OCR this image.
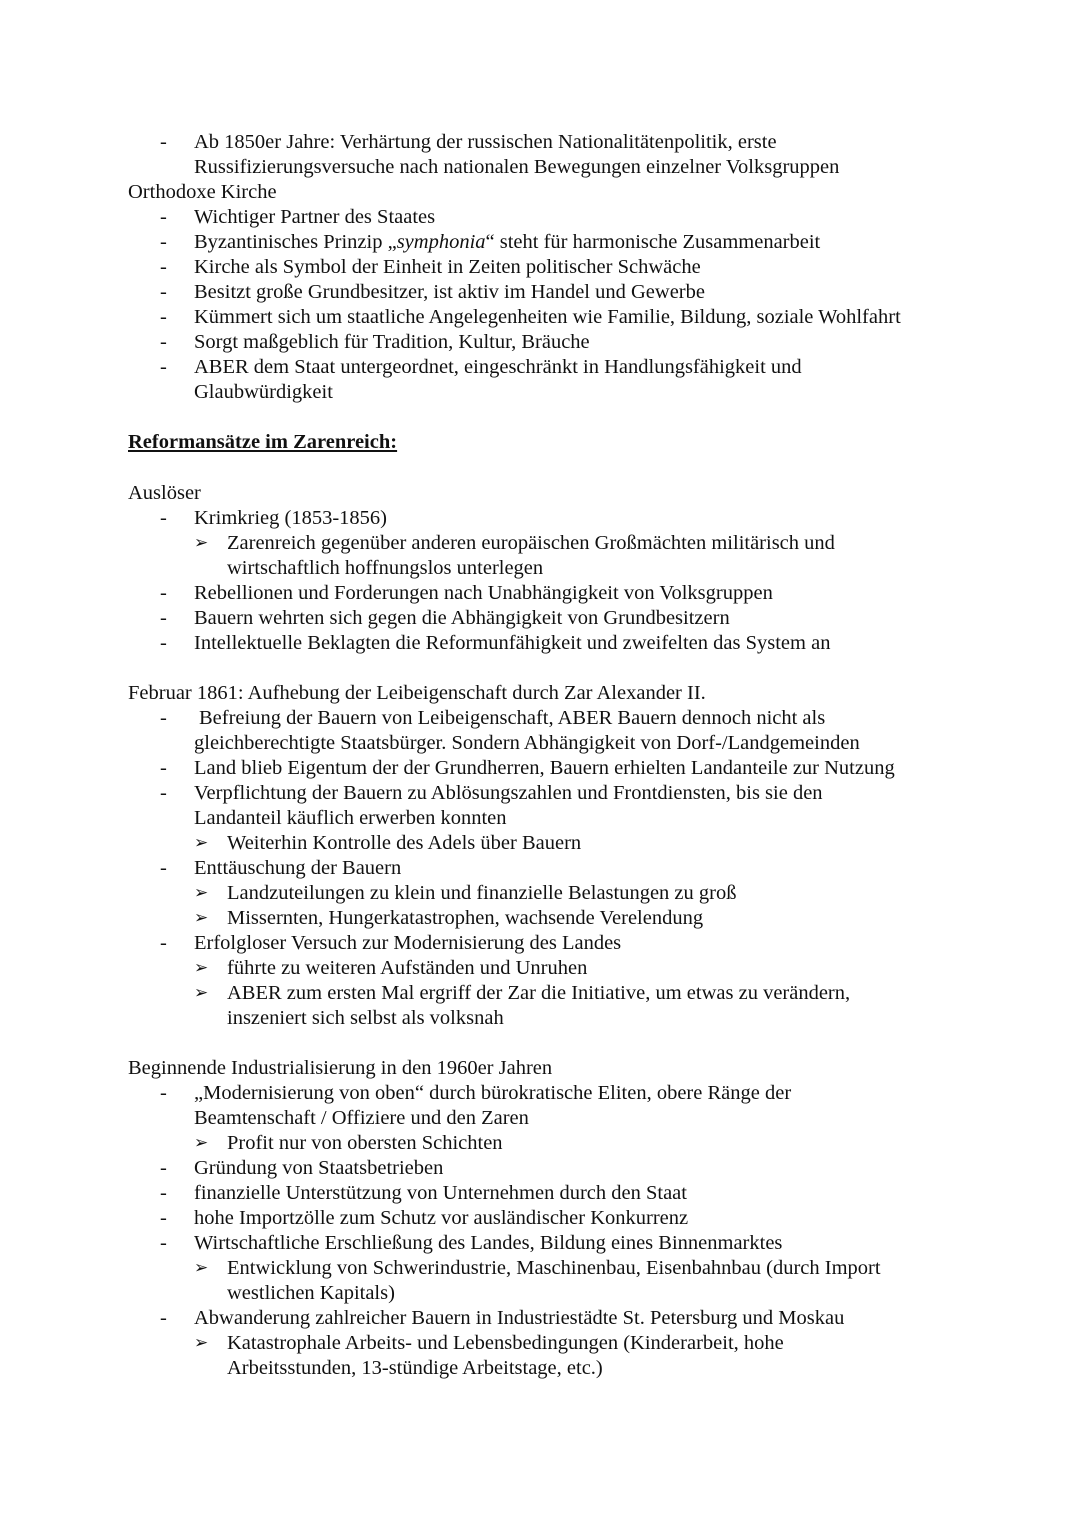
- Ab 1850er Jahre: Verhärtung der russischen Nationalitätenpolitik, erste
Russifizierungsversuche nach nationalen Bewegungen einzelner Volksgruppen
Orthodoxe Kirche
- Wichtiger Partner des Staates
- Byzantinisches Prinzip „symphonia“ steht für harmonische Zusammenarbeit
- Kirche als Symbol der Einheit in Zeiten politischer Schwäche
- Besitzt große Grundbesitzer, ist aktiv im Handel und Gewerbe
- Kümmert sich um staatliche Angelegenheiten wie Familie, Bildung, soziale Wohlfahrt
- Sorgt maßgeblich für Tradition, Kultur, Bräuche
- ABER dem Staat untergeordnet, eingeschränkt in Handlungsfähigkeit und
Glaubwürdigkeit
Reformansätze im Zarenreich:
Auslöser
- Krimkrieg (1853-1856)
➢ Zarenreich gegenüber anderen europäischen Großmächten militärisch und
wirtschaftlich hoffnungslos unterlegen
- Rebellionen und Forderungen nach Unabhängigkeit von Volksgruppen
- Bauern wehrten sich gegen die Abhängigkeit von Grundbesitzern
- Intellektuelle Beklagten die Reformunfähigkeit und zweifelten das System an
Februar 1861: Aufhebung der Leibeigenschaft durch Zar Alexander II.
- Befreiung der Bauern von Leibeigenschaft, ABER Bauern dennoch nicht als
gleichberechtigte Staatsbürger. Sondern Abhängigkeit von Dorf-/Landgemeinden
- Land blieb Eigentum der der Grundherren, Bauern erhielten Landanteile zur Nutzung
- Verpflichtung der Bauern zu Ablösungszahlen und Frontdiensten, bis sie den
Landanteil käuflich erwerben konnten
➢ Weiterhin Kontrolle des Adels über Bauern
- Enttäuschung der Bauern
➢ Landzuteilungen zu klein und finanzielle Belastungen zu groß
➢ Missernten, Hungerkatastrophen, wachsende Verelendung
- Erfolgloser Versuch zur Modernisierung des Landes
➢ führte zu weiteren Aufständen und Unruhen
➢ ABER zum ersten Mal ergriff der Zar die Initiative, um etwas zu verändern,
inszeniert sich selbst als volksnah
Beginnende Industrialisierung in den 1960er Jahren
- „Modernisierung von oben“ durch bürokratische Eliten, obere Ränge der
Beamtenschaft / Offiziere und den Zaren
➢ Profit nur von obersten Schichten
- Gründung von Staatsbetrieben
- finanzielle Unterstützung von Unternehmen durch den Staat
- hohe Importzölle zum Schutz vor ausländischer Konkurrenz
- Wirtschaftliche Erschließung des Landes, Bildung eines Binnenmarktes
➢ Entwicklung von Schwerindustrie, Maschinenbau, Eisenbahnbau (durch Import
westlichen Kapitals)
- Abwanderung zahlreicher Bauern in Industriestädte St. Petersburg und Moskau
➢ Katastrophale Arbeits- und Lebensbedingungen (Kinderarbeit, hohe
Arbeitsstunden, 13-stündige Arbeitstage, etc.)
